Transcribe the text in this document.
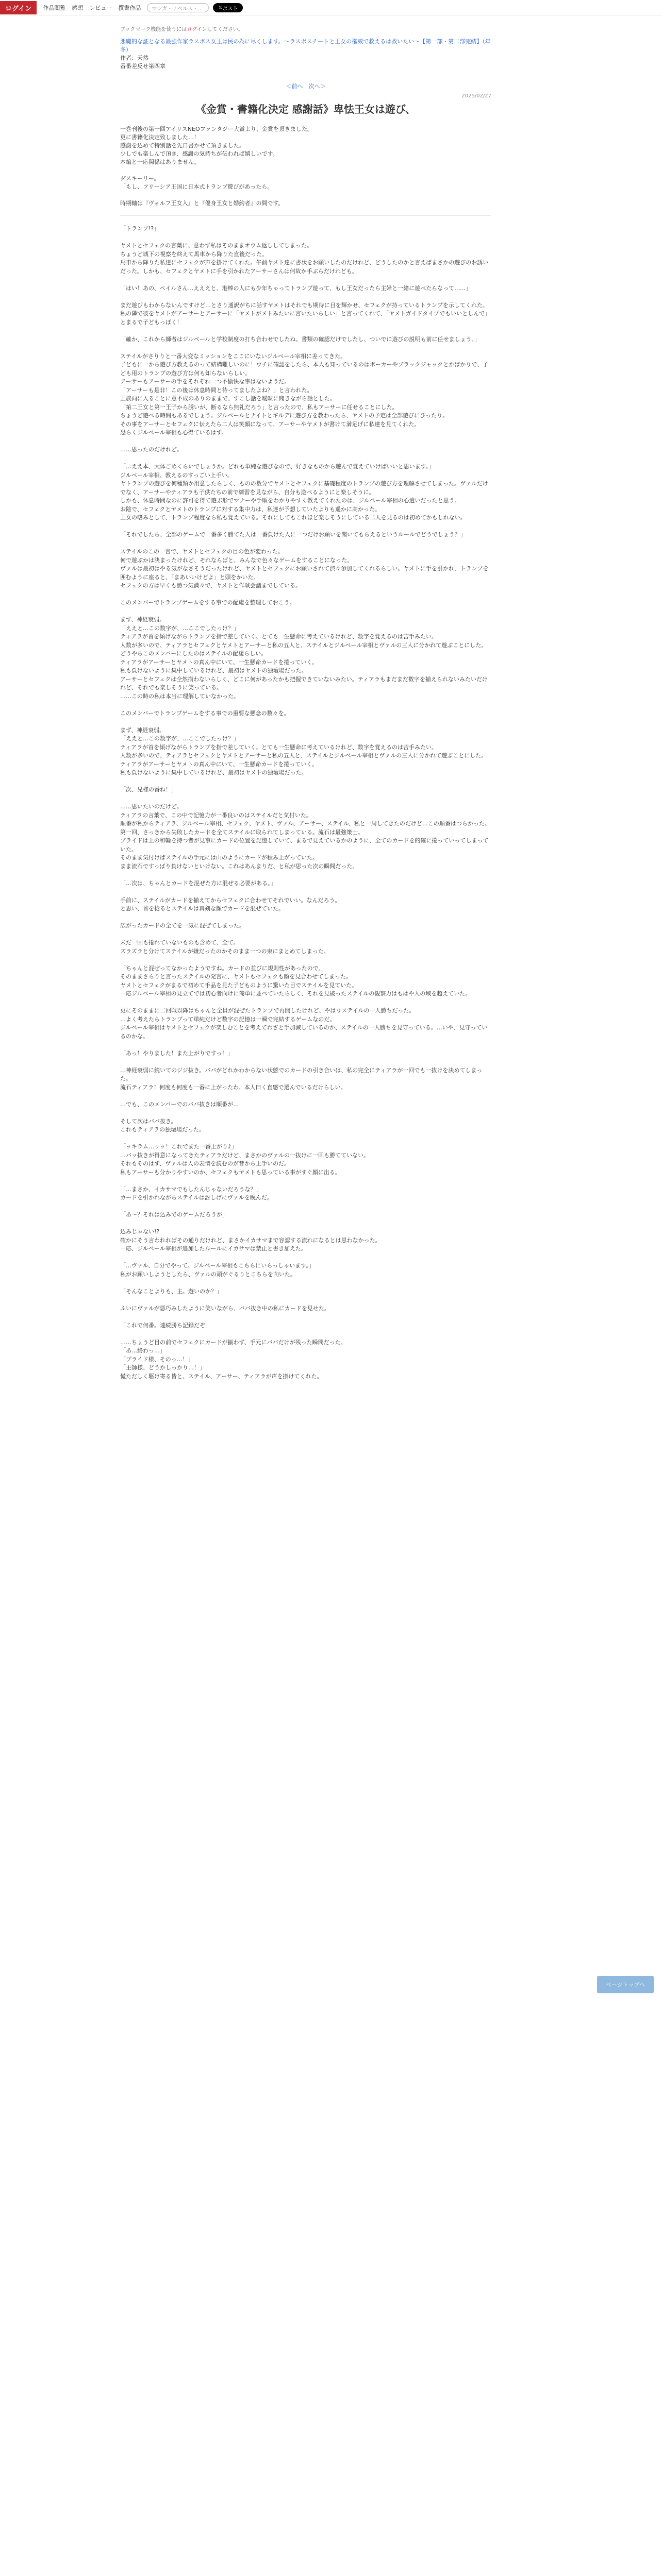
ログイン	作品閲覧 感想 レビュー 撰書作品	マンガ・ノベルス・…	𝕏 ポスト
ブックマーク機能を使うにはログインしてください。
悪魔的な証となる最強作家ラスボス女王は民の為に尽くします。〜ラスボスチートと王女の権威で救えるは救いたい〜【第一部・第二部完結】（年冬）
作者：天然
番番差反せ第四章
＜前へ　 次へ＞
2025/02/27
《金賞・書籍化決定 感謝話》卑怯王女は遊び、

一巻刊後の第一回アイリスNEOファンタジー大賞より、金賞を頂きました。

更に書籍化決定致しました…！

感謝を込めて特別話を先日書かせて頂きました。

少しでも楽しんで頂き、感謝の気持ちが伝われば嬉しいです。

本編と一応関係はありません。

ダスキーリー。

「もし、フリーシア王国に日本式トランプ遊びがあったら。

時期軸は『ヴォルフ王女入』と『優身王女と婚約者』の間です。

「トランプ!?」

ヤメトとセフェクの言葉に、意わず私はそのままオウム返ししてしまった。

ちょうど城下の視察を終えて馬車から降りた直後だった。

馬車から降りた私達にセフェクが声を掛けてくれた。午前ヤメト達に書状をお願いしたのだけれど、どうしたのかと言えばまさかの遊びのお誘いだった。しかも、セフェクとヤメトに手を引かれたアーサーさんは何故か手ぶらだけれども。

「はい！あの、ペイルさん…えええと、港棒の人にも少年ちゃってトランプ遊って、もし王女だったら主婦と一緒に遊べたらなって……」

まだ遊びもわからないんですけど…とさり通訳がちに話すヤメトはそれでも期待に目を輝かせ、セフェクが持っているトランプを示してくれた。

私の隣で彼をヤメトがアーサーとアーサーに「ヤメトがメトみたいに言いたいらしい」と言ってくれて、「ヤメトガイドタイプでもいいとしんで」とまるで子どもっぽく！

「確か、これから師者はジルベールと学校制度の打ち合わせでしたね。書類の確認だけでしたし、ついでに遊びの説明も前に任せましょう。」

ステイルがさりりと一番大変なミッションをここにいないジルベール宰相に差ってきた。

子どもに一から遊び方教えるのって結構難しいのに！ウチに確認をしたら、本人も知っているのはボーカーやブラックジャックとかばかりで、子ども用のトランプの遊び方は何も知らないらしい。

アーサーもアーサーの手をそれぞれ一つ不愉快な事はないようだ。

「アーサーも是非！この後は休息時間と待ってましたよね？」と言われた。

王族向に入ることに意不成のありのままで、すこし話を曖昧に聞きながら話とした。

「第二王女と第一王子から誘いが、断るなら無礼だろう」と言ったので、私もアーサーに任せることにした。

ちょうど遊べる時間もあるでしょう。ジルベールとナイトとギルデに遊び方を教わったら、ヤメトの予定は全部遊びにぴったり。

その事をアーサーとセフェクに伝えたら二人は笑顔になって、アーサーやヤメトが書けて満足げに私達を見てくれた。

恐らくジルベール宰相も心得ているはず。

……思ったのだけれど。

「…ええ本、大体ごめくらいでしょうか。どれも単純な遊びなので、好きなものから遊んで覚えていけばいいと思います。」

ジルベール宰相、教えるのすっごい上手い。

ヤトランプの遊びを何種類か用意したらしく、ものの数分でヤメトとセフェクに基礎程度のトランプの遊び方を理解させてしまった。ヴァルだけでなく、アーサーやティアラも子供たちの前で練習を見ながら、自分も遊べるようにと楽しそうに。

しかも、休息時間なのに許可を得て遊ぶ形でマナーや手順をわかりやすく教えてくれたのは、ジルベール宰相の心遣いだったと思う。

お陰で、セフェクとヤメトのトランプに対する集中力は、私達が予想していたよりも遥かに高かった。

王女の嗜みとして、トランプ程度なら私も覚えている。それにしてもこれほど楽しそうにしている二人を見るのは初めてかもしれない。

「それでしたら、全部のゲームで一番多く勝てた人は一番負けた人に一つだけお願いを聞いてもらえるというルールでどうでしょう？」

ステイルのこの一言で、ヤメトとセフェクの目の色が変わった。

何で遊ぶかは決まったけれど、それならばと、みんなで色々なゲームをすることになった。

ヴァルは最初はやる気がなさそうだったけれど、ヤメトとセフェクにお願いされて渋々参加してくれるらしい。ヤメトに手を引かれ、トランプを囲むように座ると、「まあいいけどよ」と頭をかいた。

セフェクの方は早くも勝つ気満々で、ヤメトと作戦会議までしている。

このメンバーでトランプゲームをする事での配慮を整理しておこう。

まず、神経衰弱。

「ええと…この数字が、…ここでしたっけ？」

ティアラが首を傾げながらトランプを指で差していく。とても一生懸命に考えているけれど、数字を覚えるのは苦手みたい。

人数が多いので、ティアラとセフェクとヤメトとアーサーと私の五人と、ステイルとジルベール宰相とヴァルの三人に分かれて遊ぶことにした。どうやらこのメンバーにしたのはステイルの配慮らしい。

ティアラがアーサーとヤメトの真ん中にいて、一生懸命カードを捲っていく。

私も負けないように集中しているけれど、最初はヤメトの独壇場だった。

アーサーとセフェクは全然揃わないらしく、どこに何があったかも把握できていないみたい。ティアラもまだまだ数字を揃えられないみたいだけれど、それでも楽しそうに笑っている。

……この時の私は本当に理解していなかった。

このメンバーでトランプゲームをする事での重要な懸念の数々を。

まず、神経衰弱。

「ええと…この数字が、…ここでしたっけ？」

ティアラが首を傾げながらトランプを指で差していく。とても一生懸命に考えているけれど、数字を覚えるのは苦手みたい。

人数が多いので、ティアラとセフェクとヤメトとアーサーと私の五人と、ステイルとジルベール宰相とヴァルの三人に分かれて遊ぶことにした。

ティアラがアーサーとヤメトの真ん中にいて、一生懸命カードを捲っていく。

私も負けないように集中しているけれど、最初はヤメトの独壇場だった。

「次、兄様の番ね！」

……思いたいのだけど。

ティアラの言葉で、この中で記憶力が一番良いのはステイルだと気付いた。

順番が私からティアラ、ジルベール宰相、セフェク、ヤメト、ヴァル、アーサー、ステイル、私と一周してきたのだけど…この順番はつらかった。

第一回、さっきから失敗したカードを全てステイルに取られてしまっている。流石は最強策士。

プライドは上の和輪を持つ者が見事にカードの位置を記憶していて、まるで見えているかのように、全てのカードを的確に捲っていってしまっていた。

そのまま気付けばステイルの手元には山のようにカードが積み上がっていた。

まま流石ですっぱり負けないといけない。これはあんまりだ、と私が思った次の瞬間だった。

「…次は、ちゃんとカードを混ぜた方に混ぜる必要がある。」

手前に、ステイルがカードを揃えてからセフェクに合わせてそれでいい。なんだろう。

と思い、首を捻るとステイルは真剣な顔でカードを混ぜていた。

広がったカードの全てを一気に混ぜてしまった。

未だ一回も捲れていないものも含めて、全て。

ズラズラと分けてステイルが嫌だったのかそのまま一つの束にまとめてしまった。

「ちゃんと混ぜってなかったようですね。カードの並びに規則性があったので。」

そのままさらりと言ったステイルの発言に、ヤメトもセフェクも顔を見合わせてしまった。

ヤメトとセフェクがまるで初めて手品を見た子どものように驚いた目でステイルを見ていた。

一応ジルベール宰相の見立てでは初心者向けに簡単に並べていたらしく、それを見破ったステイルの観察力はもはや人の域を超えていた。

更にそのままに二回戦以降はちゃんと全員が混ぜたトランプで再開したけれど、やはりステイルの一人勝ちだった。

…よく考えたらトランプって単純だけど数字の記憶は一瞬で完結するゲームなのだ。

ジルベール宰相はヤメトとセフェクが楽しむことを考えてわざと手加減しているのか、ステイルの一人勝ちを見守っている。…いや、見守っているのかな。

「あっ！やりました！また上がりですっ！」

…神経衰弱に続いてのジジ抜き。ババがどれかわからない状態でのカードの引き合いは、私の完全にティアラが一回でも一抜けを決めてしまった。

流石ティアラ！何度も何度も一番に上がったわ。本人曰く直感で選んでいるだけらしい。

…でも、このメンバーでのババ抜きは順番が…

そして次はババ抜き。

これもティアラの独壇場だった。

「ッキラム…ッッ！これでまた一番上がり♪」

…バッ抜きが得意になってきたティアラだけど、まさかのヴァルの一抜けに一回も勝てていない。

それもそのはず、ヴァルは人の表情を読むのが昔から上手いのだ。

私もアーサーも分かりやすいのか、セフェクもヤメトも思っている事がすぐ顔に出る。

「…まさか、イカサマでもしたんじゃないだろうな？」

カードを引かれながらステイルは訝しげにヴァルを睨んだ。

「あ〜？それは込みでのゲームだろうが」

込みじゃない!?

確かにそう言われればその通りだけれど、まさかイカサマまで容認する流れになるとは思わなかった。

一応、ジルベール宰相が追加したルールにイカサマは禁止と書き加えた。

「…ヴァル、自分でやって。ジルベール宰相もこちらにいらっしゃいます。」

私がお願いしようとしたら、ヴァルの頭がぐるりとこちらを向いた。

「そんなことよりも、主。遊いのか？」

ふいにヴァルが悪巧みしたように笑いながら、ババ抜き中の私にカードを見せた。

「これで何番。連続勝ち記録だぞ」

……ちょうど目の前でセフェクにカードが揃わず、手元にババだけが残った瞬間だった。

「あ…終わっ…」

「プライド様、そのっ…！」

「主師様、どうかしっかり…！」

慌ただしく駆け寄る皆と、ステイル、アーサー、ティアラが声を掛けてくれた。

ページトップへ
